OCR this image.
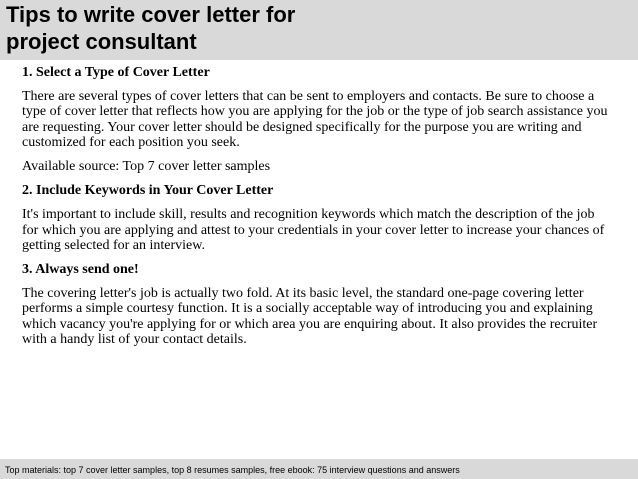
Tips to write cover letter for
project consultant

1. Select a Type of Cover Letter

There are several types of cover letters that can be sent to employers and contacts. Be sure to choose a type of cover letter that reflects how you are applying for the job or the type of job search assistance you are requesting. Your cover letter should be designed specifically for the purpose you are writing and customized for each position you seek.

Available source: Top 7 cover letter samples

2. Include Keywords in Your Cover Letter

It's important to include skill, results and recognition keywords which match the description of the job for which you are applying and attest to your credentials in your cover letter to increase your chances of getting selected for an interview.

3. Always send one!

The covering letter's job is actually two fold. At its basic level, the standard one-page covering letter performs a simple courtesy function. It is a socially acceptable way of introducing you and explaining which vacancy you're applying for or which area you are enquiring about. It also provides the recruiter with a handy list of your contact details.

Top materials: top 7 cover letter samples, top 8 resumes samples, free ebook: 75 interview questions and answers
